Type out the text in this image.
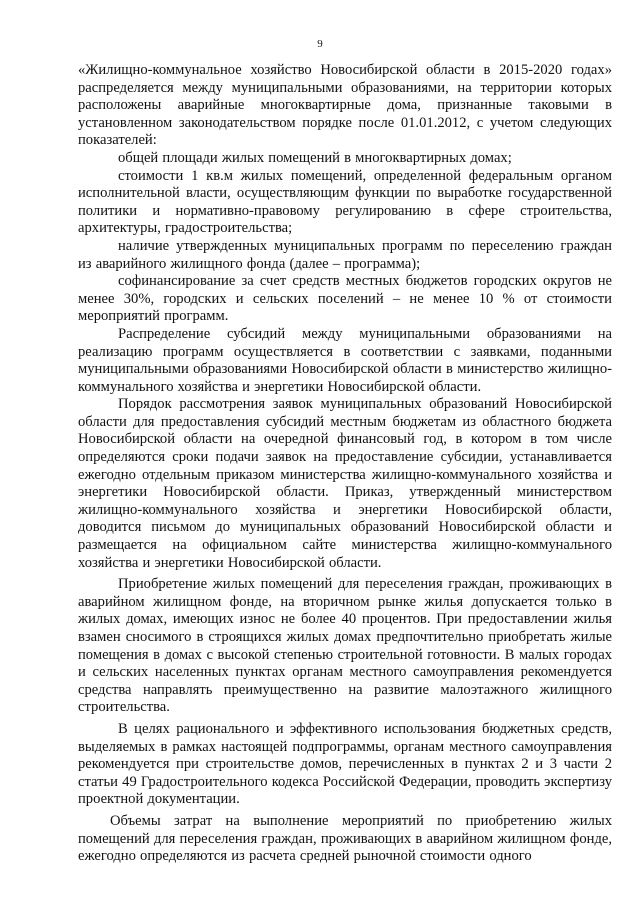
9

«Жилищно-коммунальное хозяйство Новосибирской области в 2015-2020 годах» распределяется между муниципальными образованиями, на территории которых расположены аварийные многоквартирные дома, признанные таковыми в установленном законодательством порядке после 01.01.2012, с учетом следующих показателей:

общей площади жилых помещений в многоквартирных домах;

стоимости 1 кв.м жилых помещений, определенной федеральным органом исполнительной власти, осуществляющим функции по выработке государственной политики и нормативно-правовому регулированию в сфере строительства, архитектуры, градостроительства;

наличие утвержденных муниципальных программ по переселению граждан из аварийного жилищного фонда (далее – программа);

софинансирование за счет средств местных бюджетов городских округов не менее 30%, городских и сельских поселений – не менее 10 % от стоимости мероприятий программ.

Распределение субсидий между муниципальными образованиями на реализацию программ осуществляется в соответствии с заявками, поданными муниципальными образованиями Новосибирской области в министерство жилищно-коммунального хозяйства и энергетики Новосибирской области.

Порядок рассмотрения заявок муниципальных образований Новосибирской области для предоставления субсидий местным бюджетам из областного бюджета Новосибирской области на очередной финансовый год, в котором в том числе определяются сроки подачи заявок на предоставление субсидии, устанавливается ежегодно отдельным приказом министерства жилищно-коммунального хозяйства и энергетики Новосибирской области. Приказ, утвержденный министерством жилищно-коммунального хозяйства и энергетики Новосибирской области, доводится письмом до муниципальных образований Новосибирской области и размещается на официальном сайте министерства жилищно-коммунального хозяйства и энергетики Новосибирской области.

Приобретение жилых помещений для переселения граждан, проживающих в аварийном жилищном фонде, на вторичном рынке жилья допускается только в жилых домах, имеющих износ не более 40 процентов. При предоставлении жилья взамен сносимого в строящихся жилых домах предпочтительно приобретать жилые помещения в домах с высокой степенью строительной готовности. В малых городах и сельских населенных пунктах органам местного самоуправления рекомендуется средства направлять преимущественно на развитие малоэтажного жилищного строительства.

В целях рационального и эффективного использования бюджетных средств, выделяемых в рамках настоящей подпрограммы, органам местного самоуправления рекомендуется при строительстве домов, перечисленных в пунктах 2 и 3 части 2 статьи 49 Градостроительного кодекса Российской Федерации, проводить экспертизу проектной документации.

Объемы затрат на выполнение мероприятий по приобретению жилых помещений для переселения граждан, проживающих в аварийном жилищном фонде, ежегодно определяются из расчета средней рыночной стоимости одного
